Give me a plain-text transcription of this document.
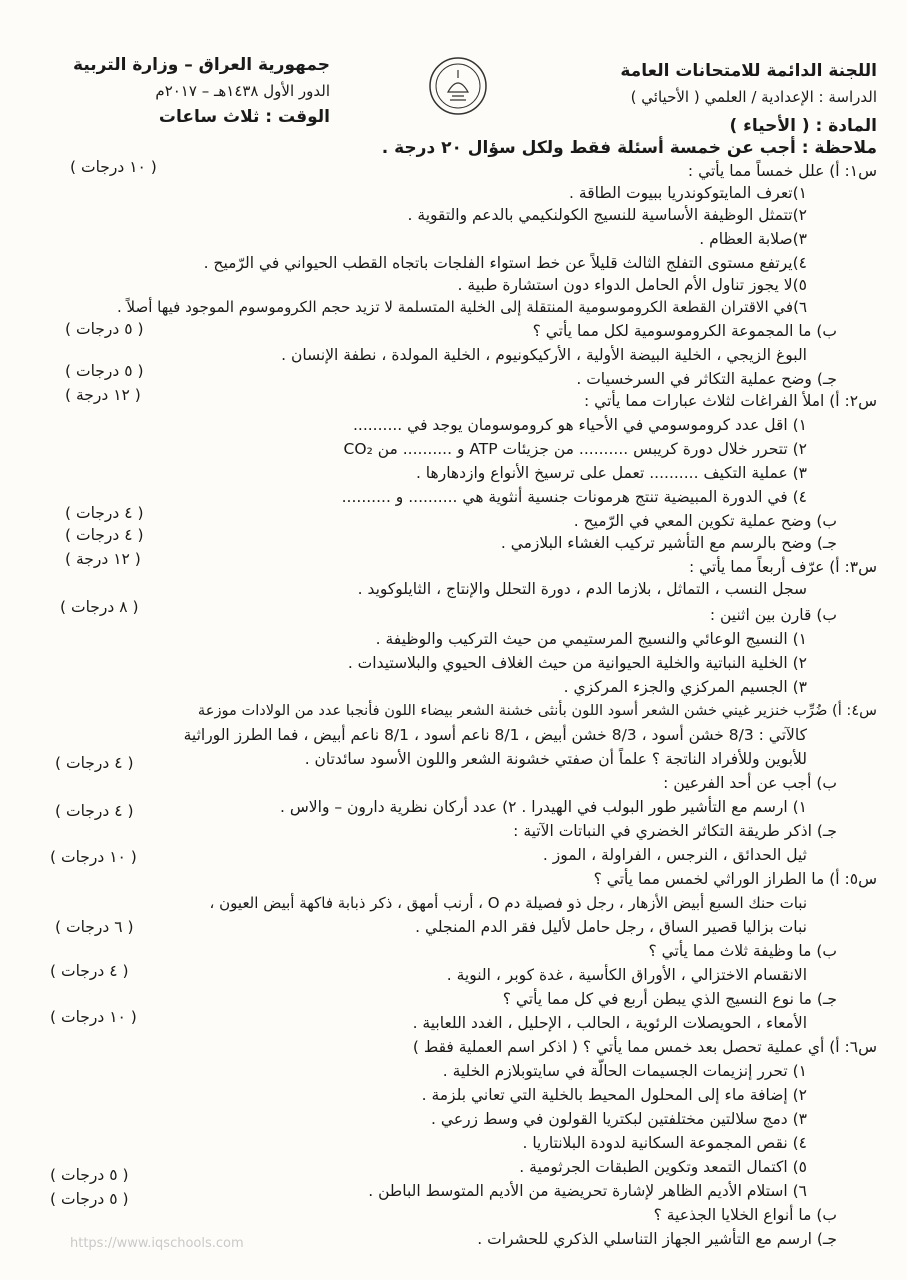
اللجنة الدائمة للامتحانات العامة
الدراسة : الإعدادية / العلمي ( الأحيائي )
جمهورية العراق – وزارة التربية
الدور الأول ١٤٣٨هـ – ٢٠١٧م
الوقت : ثلاث ساعات	المادة : ( الأحياء )
ملاحظة : أجب عن خمسة أسئلة فقط ولكل سؤال ٢٠ درجة .
س١: أ) علل خمساً مما يأتي :
١)تعرف المايتوكوندريا ببيوت الطاقة .
٢)تتمثل الوظيفة الأساسية للنسيج الكولنكيمي بالدعم والتقوية .
٣)صلابة العظام .
٤)يرتفع مستوى التفلج الثالث قليلاً عن خط استواء الفلجات باتجاه القطب الحيواني في الرّميح .
٥)لا يجوز تناول الأم الحامل الدواء دون استشارة طبية .
٦)في الاقتران القطعة الكروموسومية المنتقلة إلى الخلية المتسلمة لا تزيد حجم الكروموسوم الموجود فيها أصلاً .
ب) ما المجموعة الكروموسومية لكل مما يأتي ؟
البوغ الزيجي ، الخلية البيضة الأولية ، الأركيكونيوم ، الخلية المولدة ، نطفة الإنسان .
جـ) وضح عملية التكاثر في السرخسيات .
س٢: أ) املأ الفراغات لثلاث عبارات مما يأتي :
١) اقل عدد كروموسومي في الأحياء هو كروموسومان يوجد في ..........
٢) تتحرر خلال دورة كريبس .......... من جزيئات ATP و .......... من CO₂
٣) عملية التكيف .......... تعمل على ترسيخ الأنواع وازدهارها .
٤) في الدورة المبيضية تنتج هرمونات جنسية أنثوية هي .......... و ..........
ب) وضح عملية تكوين المعي في الرّميح .
جـ) وضح بالرسم مع التأشير تركيب الغشاء البلازمي .
س٣: أ) عرّف أربعاً مما يأتي :
سجل النسب ، التماثل ، بلازما الدم ، دورة التحلل والإنتاج ، الثايلوكويد .
ب) قارن بين اثنين :
١) النسيج الوعائي والنسيج المرستيمي من حيث التركيب والوظيفة .
٢) الخلية النباتية والخلية الحيوانية من حيث الغلاف الحيوي والبلاستيدات .
٣) الجسيم المركزي والجزء المركزي .
س٤: أ) ضُرِّب خنزير غيني خشن الشعر أسود اللون بأنثى خشنة الشعر بيضاء اللون فأنجبا عدد من الولادات موزعة
كالآتي : 8/3 خشن أسود ، 8/3 خشن أبيض ، 8/1 ناعم أسود ، 8/1 ناعم أبيض ، فما الطرز الوراثية
للأبوين وللأفراد الناتجة ؟ علماً أن صفتي خشونة الشعر واللون الأسود سائدتان .
ب) أجب عن أحد الفرعين :
١) ارسم مع التأشير طور البولب في الهيدرا . ٢) عدد أركان نظرية دارون – والاس .
جـ) اذكر طريقة التكاثر الخضري في النباتات الآتية :
ثيل الحدائق ، النرجس ، الفراولة ، الموز .
س٥: أ) ما الطراز الوراثي لخمس مما يأتي ؟
نبات حنك السبع أبيض الأزهار ، رجل ذو فصيلة دم O ، أرنب أمهق ، ذكر ذبابة فاكهة أبيض العيون ،
نبات بزاليا قصير الساق ، رجل حامل لأليل فقر الدم المنجلي .
ب) ما وظيفة ثلاث مما يأتي ؟
الانقسام الاختزالي ، الأوراق الكأسية ، غدة كوبر ، النوية .
جـ) ما نوع النسيج الذي يبطن أربع في كل مما يأتي ؟
الأمعاء ، الحويصلات الرئوية ، الحالب ، الإحليل ، الغدد اللعابية .
س٦: أ) أي عملية تحصل بعد خمس مما يأتي ؟ ( اذكر اسم العملية فقط )
١) تحرر إنزيمات الجسيمات الحالّة في سايتوبلازم الخلية .
٢) إضافة ماء إلى المحلول المحيط بالخلية التي تعاني بلزمة .
٣) دمج سلالتين مختلفتين لبكتريا القولون في وسط زرعي .
٤) نقص المجموعة السكانية لدودة البلانتاريا .
٥) اكتمال التمعد وتكوين الطبقات الجرثومية .
٦) استلام الأديم الظاهر لإشارة تحريضية من الأديم المتوسط الباطن .
ب) ما أنواع الخلايا الجذعية ؟
جـ) ارسم مع التأشير الجهاز التناسلي الذكري للحشرات .
( ١٠ درجات )
( ٥ درجات )
( ٥ درجات )
( ١٢ درجة )
( ٤ درجات )
( ٤ درجات )
( ١٢ درجة )
( ٨ درجات )
( ٤ درجات )
( ٤ درجات )
( ١٠ درجات )
( ٦ درجات )
( ٤ درجات )
( ١٠ درجات )
( ٥ درجات )
( ٥ درجات )
https://www.iqschools.com
